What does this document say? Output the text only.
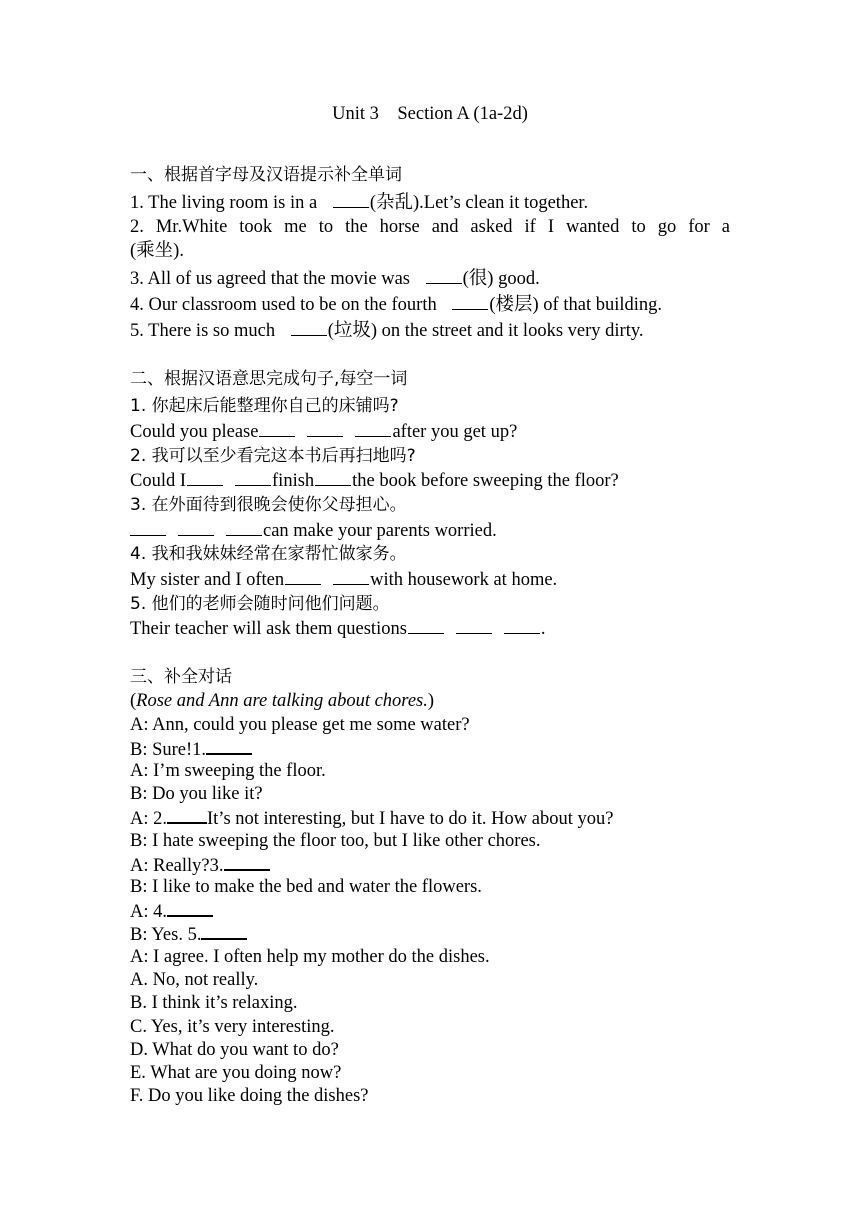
Unit 3    Section A (1a-2d)
一、根据首字母及汉语提示补全单词
1. The living room is in a	(杂乱).Let’s clean it together.
2. Mr.White took me to the horse and asked if I wanted to go for a
(乘坐).
3. All of us agreed that the movie was	(很) good.
4. Our classroom used to be on the fourth	(楼层) of that building.
5. There is so much	(垃圾) on the street and it looks very dirty.
二、根据汉语意思完成句子,每空一词
1. 你起床后能整理你自己的床铺吗?
Could you please	after you get up?
2. 我可以至少看完这本书后再扫地吗?
Could I	finish the book before sweeping the floor?
3. 在外面待到很晚会使你父母担心。
can make your parents worried.
4. 我和我妹妹经常在家帮忙做家务。
My sister and I often	with housework at home.
5. 他们的老师会随时问他们问题。
Their teacher will ask them questions	.
三、补全对话
(Rose and Ann are talking about chores.)
A: Ann, could you please get me some water?
B: Sure!1.
A: I’m sweeping the floor.
B: Do you like it?
A: 2. It’s not interesting, but I have to do it. How about you?
B: I hate sweeping the floor too, but I like other chores.
A: Really?3.
B: I like to make the bed and water the flowers.
A: 4.
B: Yes. 5.
A: I agree. I often help my mother do the dishes.
A. No, not really.
B. I think it’s relaxing.
C. Yes, it’s very interesting.
D. What do you want to do?
E. What are you doing now?
F. Do you like doing the dishes?
